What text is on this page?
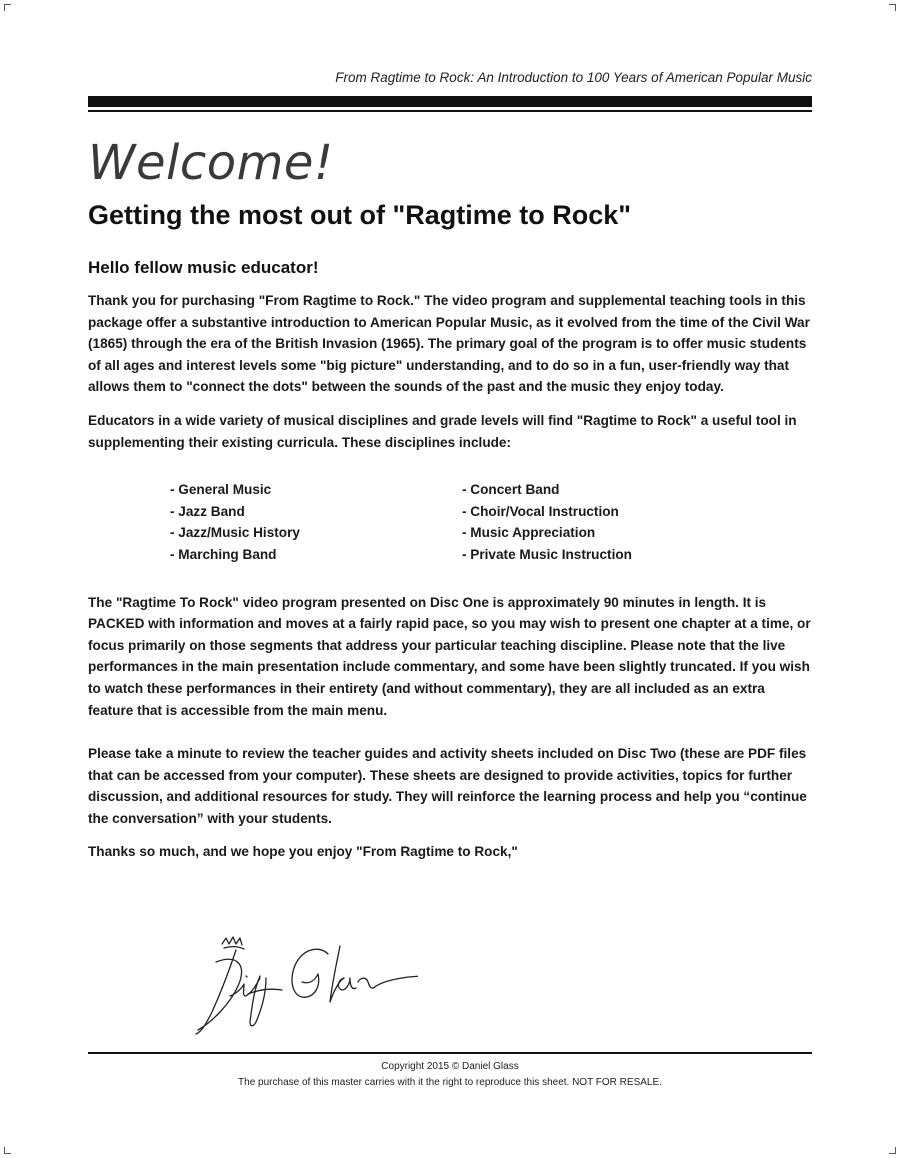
From Ragtime to Rock: An Introduction to 100 Years of American Popular Music
Welcome!
Getting the most out of "Ragtime to Rock"
Hello fellow music educator!

Thank you for purchasing "From Ragtime to Rock." The video program and supplemental teaching tools in this package offer a substantive introduction to American Popular Music, as it evolved from the time of the Civil War (1865) through the era of the British Invasion (1965). The primary goal of the program is to offer music students of all ages and interest levels some "big picture" understanding, and to do so in a fun, user-friendly way that allows them to "connect the dots" between the sounds of the past and the music they enjoy today.

Educators in a wide variety of musical disciplines and grade levels will find "Ragtime to Rock" a useful tool in supplementing their existing curricula. These disciplines include:

- General Music
- Jazz Band
- Jazz/Music History
- Marching Band
- Concert Band
- Choir/Vocal Instruction
- Music Appreciation
- Private Music Instruction

The "Ragtime To Rock" video program presented on Disc One is approximately 90 minutes in length. It is PACKED with information and moves at a fairly rapid pace, so you may wish to present one chapter at a time, or focus primarily on those segments that address your particular teaching discipline. Please note that the live performances in the main presentation include commentary, and some have been slightly truncated. If you wish to watch these performances in their entirety (and without commentary), they are all included as an extra feature that is accessible from the main menu.

Please take a minute to review the teacher guides and activity sheets included on Disc Two (these are PDF files that can be accessed from your computer). These sheets are designed to provide activities, topics for further discussion, and additional resources for study. They will reinforce the learning process and help you “continue the conversation” with your students.

Thanks so much, and we hope you enjoy "From Ragtime to Rock,"

Copyright 2015 © Daniel Glass
The purchase of this master carries with it the right to reproduce this sheet. NOT FOR RESALE.
